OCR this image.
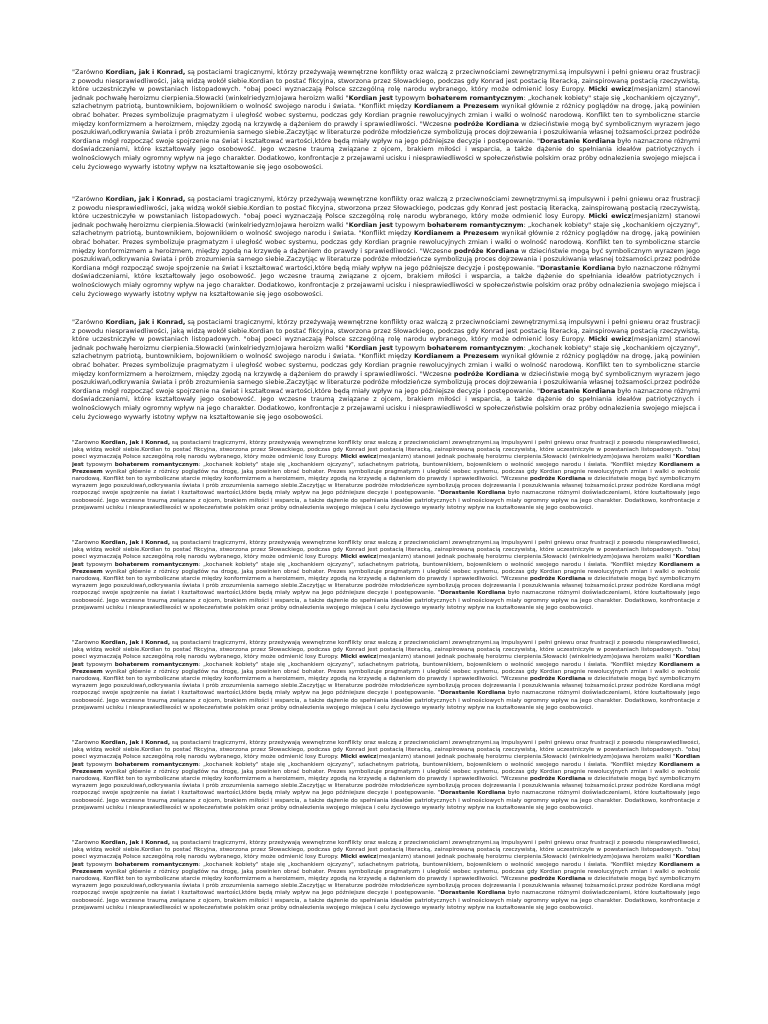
"Zarówno Kordian, jak i Konrad, są postaciami tragicznymi, którzy przeżywają wewnętrzne konflikty oraz walczą z przeciwnościami zewnętrznymi.są impulsywni i pełni gniewu oraz frustracji z powodu niesprawiedliwości, jaką widzą wokół siebie.Kordian to postać fikcyjna, stworzona przez Słowackiego, podczas gdy Konrad jest postacią literacką, zainspirowaną postacią rzeczywistą, które uczestniczyłe w powstaniach listopadowych. "obaj poeci wyznaczają Polsce szczególną rolę narodu wybranego, który może odmienić losy Europy. Micki ewicz(mesjanizm) stanowi jednak pochwałę heroizmu cierpienia.Słowacki (winkelriedyzm)ojawa heroizm walki "Kordian jest typowym bohaterem romantycznym: „kochanek kobiety" staje się „kochankiem ojczyzny", szlachetnym patriotą, buntownikiem, bojownikiem o wolność swojego narodu i świata. "Konflikt między Kordianem a Prezesem wynikał głównie z różnicy poglądów na drogę, jaką powinien obrać bohater. Prezes symbolizuje pragmatyzm i uległość wobec systemu, podczas gdy Kordian pragnie rewolucyjnych zmian i walki o wolność narodową. Konflikt ten to symboliczne starcie między konformizmem a heroizmem, między zgodą na krzywdę a dążeniem do prawdy i sprawiedliwości. "Wczesne podróże Kordiana w dzieciństwie mogą być symbolicznym wyrazem jego poszukiwań,odkrywania świata i prób zrozumienia samego siebie.Zaczytjąc w literaturze podróże młodzieńcze symbolizują proces dojrzewania i poszukiwania własnej tożsamości.przez podróże Kordiana mógł rozpocząć swoje spojrzenie na świat i kształtować wartości,które będą miały wpływ na jego późniejsze decyzje i postępowanie. "Dorastanie Kordiana było naznaczone różnymi doświadczeniami, które kształtowały jego osobowość. Jego wczesne traumą związane z ojcem, brakiem miłości i wsparcia, a także dążenie do spełniania ideałów patriotycznych i wolnościowych miały ogromny wpływ na jego charakter. Dodatkowo, konfrontacje z przejawami ucisku i niesprawiedliwości w społeczeństwie polskim oraz próby odnalezienia swojego miejsca i celu życiowego wywarły istotny wpływ na kształtowanie się jego osobowości.

"Zarówno Kordian, jak i Konrad, są postaciami tragicznymi, którzy przeżywają wewnętrzne konflikty oraz walczą z przeciwnościami zewnętrznymi.są impulsywni i pełni gniewu oraz frustracji z powodu niesprawiedliwości, jaką widzą wokół siebie.Kordian to postać fikcyjna, stworzona przez Słowackiego, podczas gdy Konrad jest postacią literacką, zainspirowaną postacią rzeczywistą, które uczestniczyłe w powstaniach listopadowych. "obaj poeci wyznaczają Polsce szczególną rolę narodu wybranego, który może odmienić losy Europy. Micki ewicz(mesjanizm) stanowi jednak pochwałę heroizmu cierpienia.Słowacki (winkelriedyzm)ojawa heroizm walki "Kordian jest typowym bohaterem romantycznym: „kochanek kobiety" staje się „kochankiem ojczyzny", szlachetnym patriotą, buntownikiem, bojownikiem o wolność swojego narodu i świata. "Konflikt między Kordianem a Prezesem wynikał głównie z różnicy poglądów na drogę, jaką powinien obrać bohater. Prezes symbolizuje pragmatyzm i uległość wobec systemu, podczas gdy Kordian pragnie rewolucyjnych zmian i walki o wolność narodową. Konflikt ten to symboliczne starcie między konformizmem a heroizmem, między zgodą na krzywdę a dążeniem do prawdy i sprawiedliwości. "Wczesne podróże Kordiana w dzieciństwie mogą być symbolicznym wyrazem jego poszukiwań,odkrywania świata i prób zrozumienia samego siebie.Zaczytjąc w literaturze podróże młodzieńcze symbolizują proces dojrzewania i poszukiwania własnej tożsamości.przez podróże Kordiana mógł rozpocząć swoje spojrzenie na świat i kształtować wartości,które będą miały wpływ na jego późniejsze decyzje i postępowanie. "Dorastanie Kordiana było naznaczone różnymi doświadczeniami, które kształtowały jego osobowość. Jego wczesne traumą związane z ojcem, brakiem miłości i wsparcia, a także dążenie do spełniania ideałów patriotycznych i wolnościowych miały ogromny wpływ na jego charakter. Dodatkowo, konfrontacje z przejawami ucisku i niesprawiedliwości w społeczeństwie polskim oraz próby odnalezienia swojego miejsca i celu życiowego wywarły istotny wpływ na kształtowanie się jego osobowości.

"Zarówno Kordian, jak i Konrad, są postaciami tragicznymi, którzy przeżywają wewnętrzne konflikty oraz walczą z przeciwnościami zewnętrznymi.są impulsywni i pełni gniewu oraz frustracji z powodu niesprawiedliwości, jaką widzą wokół siebie.Kordian to postać fikcyjna, stworzona przez Słowackiego, podczas gdy Konrad jest postacią literacką, zainspirowaną postacią rzeczywistą, które uczestniczyłe w powstaniach listopadowych. "obaj poeci wyznaczają Polsce szczególną rolę narodu wybranego, który może odmienić losy Europy. Micki ewicz(mesjanizm) stanowi jednak pochwałę heroizmu cierpienia.Słowacki (winkelriedyzm)ojawa heroizm walki "Kordian jest typowym bohaterem romantycznym: „kochanek kobiety" staje się „kochankiem ojczyzny", szlachetnym patriotą, buntownikiem, bojownikiem o wolność swojego narodu i świata. "Konflikt między Kordianem a Prezesem wynikał głównie z różnicy poglądów na drogę, jaką powinien obrać bohater. Prezes symbolizuje pragmatyzm i uległość wobec systemu, podczas gdy Kordian pragnie rewolucyjnych zmian i walki o wolność narodową. Konflikt ten to symboliczne starcie między konformizmem a heroizmem, między zgodą na krzywdę a dążeniem do prawdy i sprawiedliwości. "Wczesne podróże Kordiana w dzieciństwie mogą być symbolicznym wyrazem jego poszukiwań,odkrywania świata i prób zrozumienia samego siebie.Zaczytjąc w literaturze podróże młodzieńcze symbolizują proces dojrzewania i poszukiwania własnej tożsamości.przez podróże Kordiana mógł rozpocząć swoje spojrzenie na świat i kształtować wartości,które będą miały wpływ na jego późniejsze decyzje i postępowanie. "Dorastanie Kordiana było naznaczone różnymi doświadczeniami, które kształtowały jego osobowość. Jego wczesne traumą związane z ojcem, brakiem miłości i wsparcia, a także dążenie do spełniania ideałów patriotycznych i wolnościowych miały ogromny wpływ na jego charakter. Dodatkowo, konfrontacje z przejawami ucisku i niesprawiedliwości w społeczeństwie polskim oraz próby odnalezienia swojego miejsca i celu życiowego wywarły istotny wpływ na kształtowanie się jego osobowości.

"Zarówno Kordian, jak i Konrad, są postaciami tragicznymi, którzy przeżywają wewnętrzne konflikty oraz walczą z przeciwnościami zewnętrznymi.są impulsywni i pełni gniewu oraz frustracji z powodu niesprawiedliwości, jaką widzą wokół siebie.Kordian to postać fikcyjna, stworzona przez Słowackiego, podczas gdy Konrad jest postacią literacką, zainspirowaną postacią rzeczywistą, które uczestniczyłe w powstaniach listopadowych. "obaj poeci wyznaczają Polsce szczególną rolę narodu wybranego, który może odmienić losy Europy. Micki ewicz(mesjanizm) stanowi jednak pochwałę heroizmu cierpienia.Słowacki (winkelriedyzm)ojawa heroizm walki "Kordian jest typowym bohaterem romantycznym: „kochanek kobiety" staje się „kochankiem ojczyzny", szlachetnym patriotą, buntownikiem, bojownikiem o wolność swojego narodu i świata. "Konflikt między Kordianem a Prezesem wynikał głównie z różnicy poglądów na drogę, jaką powinien obrać bohater. Prezes symbolizuje pragmatyzm i uległość wobec systemu, podczas gdy Kordian pragnie rewolucyjnych zmian i walki o wolność narodową. Konflikt ten to symboliczne starcie między konformizmem a heroizmem, między zgodą na krzywdę a dążeniem do prawdy i sprawiedliwości. "Wczesne podróże Kordiana w dzieciństwie mogą być symbolicznym wyrazem jego poszukiwań,odkrywania świata i prób zrozumienia samego siebie.Zaczytjąc w literaturze podróże młodzieńcze symbolizują proces dojrzewania i poszukiwania własnej tożsamości.przez podróże Kordiana mógł rozpocząć swoje spojrzenie na świat i kształtować wartości,które będą miały wpływ na jego późniejsze decyzje i postępowanie. "Dorastanie Kordiana było naznaczone różnymi doświadczeniami, które kształtowały jego osobowość. Jego wczesne traumą związane z ojcem, brakiem miłości i wsparcia, a także dążenie do spełniania ideałów patriotycznych i wolnościowych miały ogromny wpływ na jego charakter. Dodatkowo, konfrontacje z przejawami ucisku i niesprawiedliwości w społeczeństwie polskim oraz próby odnalezienia swojego miejsca i celu życiowego wywarły istotny wpływ na kształtowanie się jego osobowości.

"Zarówno Kordian, jak i Konrad, są postaciami tragicznymi, którzy przeżywają wewnętrzne konflikty oraz walczą z przeciwnościami zewnętrznymi.są impulsywni i pełni gniewu oraz frustracji z powodu niesprawiedliwości, jaką widzą wokół siebie.Kordian to postać fikcyjna, stworzona przez Słowackiego, podczas gdy Konrad jest postacią literacką, zainspirowaną postacią rzeczywistą, które uczestniczyłe w powstaniach listopadowych. "obaj poeci wyznaczają Polsce szczególną rolę narodu wybranego, który może odmienić losy Europy. Micki ewicz(mesjanizm) stanowi jednak pochwałę heroizmu cierpienia.Słowacki (winkelriedyzm)ojawa heroizm walki "Kordian jest typowym bohaterem romantycznym: „kochanek kobiety" staje się „kochankiem ojczyzny", szlachetnym patriotą, buntownikiem, bojownikiem o wolność swojego narodu i świata. "Konflikt między Kordianem a Prezesem wynikał głównie z różnicy poglądów na drogę, jaką powinien obrać bohater. Prezes symbolizuje pragmatyzm i uległość wobec systemu, podczas gdy Kordian pragnie rewolucyjnych zmian i walki o wolność narodową. Konflikt ten to symboliczne starcie między konformizmem a heroizmem, między zgodą na krzywdę a dążeniem do prawdy i sprawiedliwości. "Wczesne podróże Kordiana w dzieciństwie mogą być symbolicznym wyrazem jego poszukiwań,odkrywania świata i prób zrozumienia samego siebie.Zaczytjąc w literaturze podróże młodzieńcze symbolizują proces dojrzewania i poszukiwania własnej tożsamości.przez podróże Kordiana mógł rozpocząć swoje spojrzenie na świat i kształtować wartości,które będą miały wpływ na jego późniejsze decyzje i postępowanie. "Dorastanie Kordiana było naznaczone różnymi doświadczeniami, które kształtowały jego osobowość. Jego wczesne traumą związane z ojcem, brakiem miłości i wsparcia, a także dążenie do spełniania ideałów patriotycznych i wolnościowych miały ogromny wpływ na jego charakter. Dodatkowo, konfrontacje z przejawami ucisku i niesprawiedliwości w społeczeństwie polskim oraz próby odnalezienia swojego miejsca i celu życiowego wywarły istotny wpływ na kształtowanie się jego osobowości.

"Zarówno Kordian, jak i Konrad, są postaciami tragicznymi, którzy przeżywają wewnętrzne konflikty oraz walczą z przeciwnościami zewnętrznymi.są impulsywni i pełni gniewu oraz frustracji z powodu niesprawiedliwości, jaką widzą wokół siebie.Kordian to postać fikcyjna, stworzona przez Słowackiego, podczas gdy Konrad jest postacią literacką, zainspirowaną postacią rzeczywistą, które uczestniczyłe w powstaniach listopadowych. "obaj poeci wyznaczają Polsce szczególną rolę narodu wybranego, który może odmienić losy Europy. Micki ewicz(mesjanizm) stanowi jednak pochwałę heroizmu cierpienia.Słowacki (winkelriedyzm)ojawa heroizm walki "Kordian jest typowym bohaterem romantycznym: „kochanek kobiety" staje się „kochankiem ojczyzny", szlachetnym patriotą, buntownikiem, bojownikiem o wolność swojego narodu i świata. "Konflikt między Kordianem a Prezesem wynikał głównie z różnicy poglądów na drogę, jaką powinien obrać bohater. Prezes symbolizuje pragmatyzm i uległość wobec systemu, podczas gdy Kordian pragnie rewolucyjnych zmian i walki o wolność narodową. Konflikt ten to symboliczne starcie między konformizmem a heroizmem, między zgodą na krzywdę a dążeniem do prawdy i sprawiedliwości. "Wczesne podróże Kordiana w dzieciństwie mogą być symbolicznym wyrazem jego poszukiwań,odkrywania świata i prób zrozumienia samego siebie.Zaczytjąc w literaturze podróże młodzieńcze symbolizują proces dojrzewania i poszukiwania własnej tożsamości.przez podróże Kordiana mógł rozpocząć swoje spojrzenie na świat i kształtować wartości,które będą miały wpływ na jego późniejsze decyzje i postępowanie. "Dorastanie Kordiana było naznaczone różnymi doświadczeniami, które kształtowały jego osobowość. Jego wczesne traumą związane z ojcem, brakiem miłości i wsparcia, a także dążenie do spełniania ideałów patriotycznych i wolnościowych miały ogromny wpływ na jego charakter. Dodatkowo, konfrontacje z przejawami ucisku i niesprawiedliwości w społeczeństwie polskim oraz próby odnalezienia swojego miejsca i celu życiowego wywarły istotny wpływ na kształtowanie się jego osobowości.

"Zarówno Kordian, jak i Konrad, są postaciami tragicznymi, którzy przeżywają wewnętrzne konflikty oraz walczą z przeciwnościami zewnętrznymi.są impulsywni i pełni gniewu oraz frustracji z powodu niesprawiedliwości, jaką widzą wokół siebie.Kordian to postać fikcyjna, stworzona przez Słowackiego, podczas gdy Konrad jest postacią literacką, zainspirowaną postacią rzeczywistą, które uczestniczyłe w powstaniach listopadowych. "obaj poeci wyznaczają Polsce szczególną rolę narodu wybranego, który może odmienić losy Europy. Micki ewicz(mesjanizm) stanowi jednak pochwałę heroizmu cierpienia.Słowacki (winkelriedyzm)ojawa heroizm walki "Kordian jest typowym bohaterem romantycznym: „kochanek kobiety" staje się „kochankiem ojczyzny", szlachetnym patriotą, buntownikiem, bojownikiem o wolność swojego narodu i świata. "Konflikt między Kordianem a Prezesem wynikał głównie z różnicy poglądów na drogę, jaką powinien obrać bohater. Prezes symbolizuje pragmatyzm i uległość wobec systemu, podczas gdy Kordian pragnie rewolucyjnych zmian i walki o wolność narodową. Konflikt ten to symboliczne starcie między konformizmem a heroizmem, między zgodą na krzywdę a dążeniem do prawdy i sprawiedliwości. "Wczesne podróże Kordiana w dzieciństwie mogą być symbolicznym wyrazem jego poszukiwań,odkrywania świata i prób zrozumienia samego siebie.Zaczytjąc w literaturze podróże młodzieńcze symbolizują proces dojrzewania i poszukiwania własnej tożsamości.przez podróże Kordiana mógł rozpocząć swoje spojrzenie na świat i kształtować wartości,które będą miały wpływ na jego późniejsze decyzje i postępowanie. "Dorastanie Kordiana było naznaczone różnymi doświadczeniami, które kształtowały jego osobowość. Jego wczesne traumą związane z ojcem, brakiem miłości i wsparcia, a także dążenie do spełniania ideałów patriotycznych i wolnościowych miały ogromny wpływ na jego charakter. Dodatkowo, konfrontacje z przejawami ucisku i niesprawiedliwości w społeczeństwie polskim oraz próby odnalezienia swojego miejsca i celu życiowego wywarły istotny wpływ na kształtowanie się jego osobowości.

"Zarówno Kordian, jak i Konrad, są postaciami tragicznymi, którzy przeżywają wewnętrzne konflikty oraz walczą z przeciwnościami zewnętrznymi.są impulsywni i pełni gniewu oraz frustracji z powodu niesprawiedliwości, jaką widzą wokół siebie.Kordian to postać fikcyjna, stworzona przez Słowackiego, podczas gdy Konrad jest postacią literacką, zainspirowaną postacią rzeczywistą, które uczestniczyłe w powstaniach listopadowych. "obaj poeci wyznaczają Polsce szczególną rolę narodu wybranego, który może odmienić losy Europy. Micki ewicz(mesjanizm) stanowi jednak pochwałę heroizmu cierpienia.Słowacki (winkelriedyzm)ojawa heroizm walki "Kordian jest typowym bohaterem romantycznym: „kochanek kobiety" staje się „kochankiem ojczyzny", szlachetnym patriotą, buntownikiem, bojownikiem o wolność swojego narodu i świata. "Konflikt między Kordianem a Prezesem wynikał głównie z różnicy poglądów na drogę, jaką powinien obrać bohater. Prezes symbolizuje pragmatyzm i uległość wobec systemu, podczas gdy Kordian pragnie rewolucyjnych zmian i walki o wolność narodową. Konflikt ten to symboliczne starcie między konformizmem a heroizmem, między zgodą na krzywdę a dążeniem do prawdy i sprawiedliwości. "Wczesne podróże Kordiana w dzieciństwie mogą być symbolicznym wyrazem jego poszukiwań,odkrywania świata i prób zrozumienia samego siebie.Zaczytjąc w literaturze podróże młodzieńcze symbolizują proces dojrzewania i poszukiwania własnej tożsamości.przez podróże Kordiana mógł rozpocząć swoje spojrzenie na świat i kształtować wartości,które będą miały wpływ na jego późniejsze decyzje i postępowanie. "Dorastanie Kordiana było naznaczone różnymi doświadczeniami, które kształtowały jego osobowość. Jego wczesne traumą związane z ojcem, brakiem miłości i wsparcia, a także dążenie do spełniania ideałów patriotycznych i wolnościowych miały ogromny wpływ na jego charakter. Dodatkowo, konfrontacje z przejawami ucisku i niesprawiedliwości w społeczeństwie polskim oraz próby odnalezienia swojego miejsca i celu życiowego wywarły istotny wpływ na kształtowanie się jego osobowości.
